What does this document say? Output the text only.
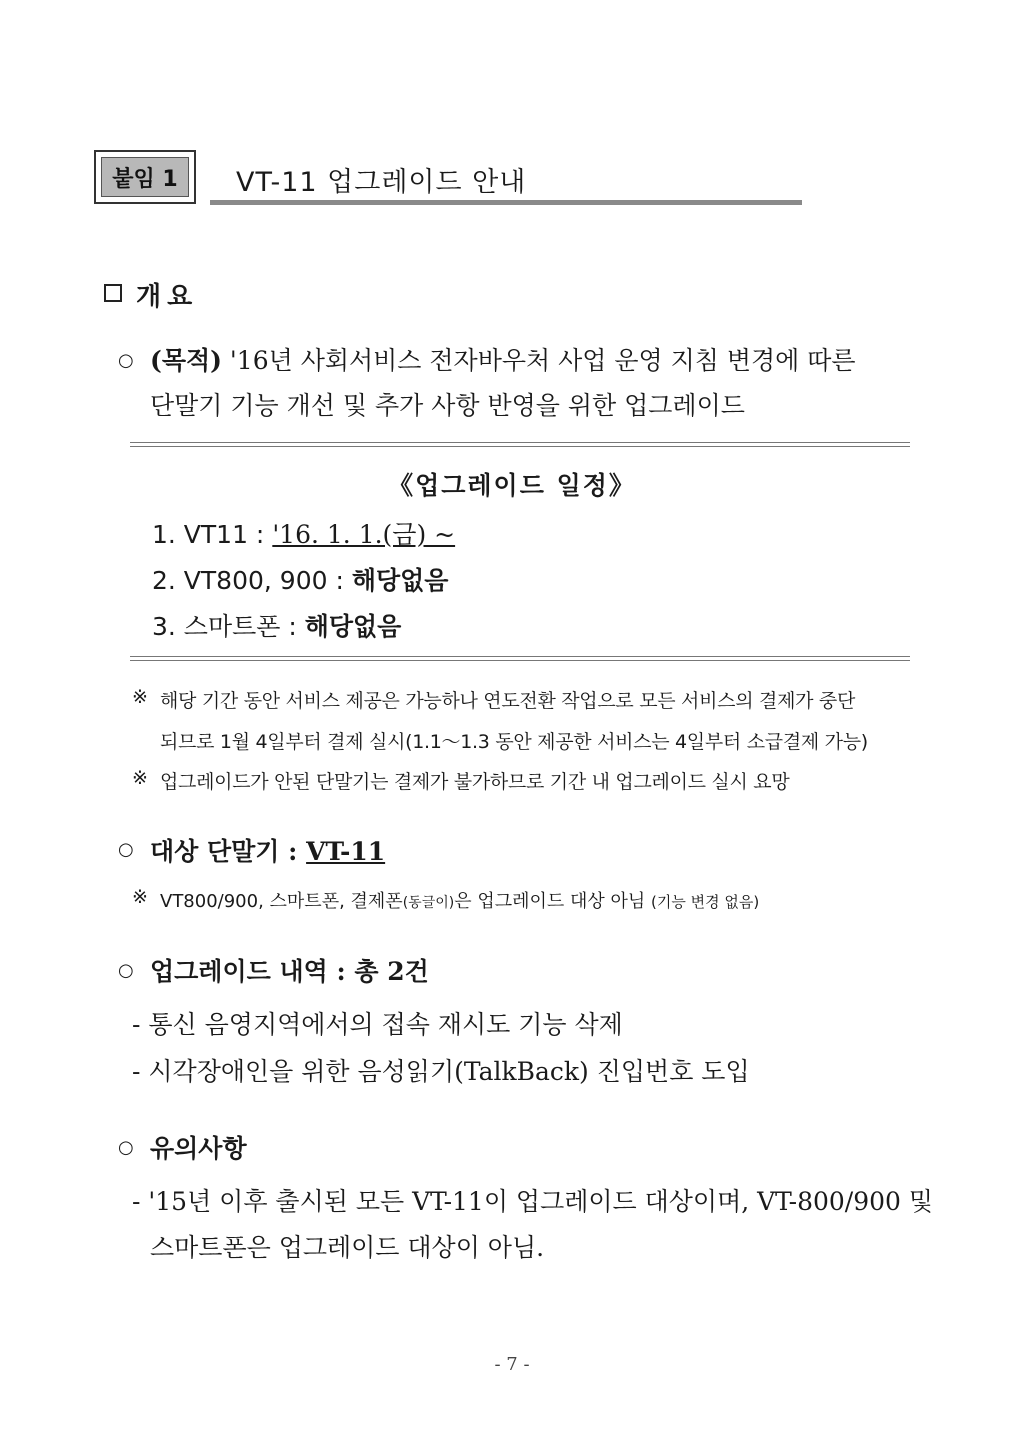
붙임 1	VT-11 업그레이드 안내
개요
○ (목적) '16년 사회서비스 전자바우처 사업 운영 지침 변경에 따른
단말기 기능 개선 및 추가 사항 반영을 위한 업그레이드
《업그레이드 일정》
1. VT11 : '16. 1. 1.(금) ~
2. VT800, 900 : 해당없음
3. 스마트폰 : 해당없음
※ 해당 기간 동안 서비스 제공은 가능하나 연도전환 작업으로 모든 서비스의 결제가 중단
되므로 1월 4일부터 결제 실시(1.1～1.3 동안 제공한 서비스는 4일부터 소급결제 가능)
※ 업그레이드가 안된 단말기는 결제가 불가하므로 기간 내 업그레이드 실시 요망
○ 대상 단말기 : VT-11
※ VT800/900, 스마트폰, 결제폰(동글이)은 업그레이드 대상 아님 (기능 변경 없음)
○ 업그레이드 내역 : 총 2건
- 통신 음영지역에서의 접속 재시도 기능 삭제
- 시각장애인을 위한 음성읽기(TalkBack) 진입번호 도입
○ 유의사항
- '15년 이후 출시된 모든 VT-11이 업그레이드 대상이며, VT-800/900 및
스마트폰은 업그레이드 대상이 아님.
- 7 -
